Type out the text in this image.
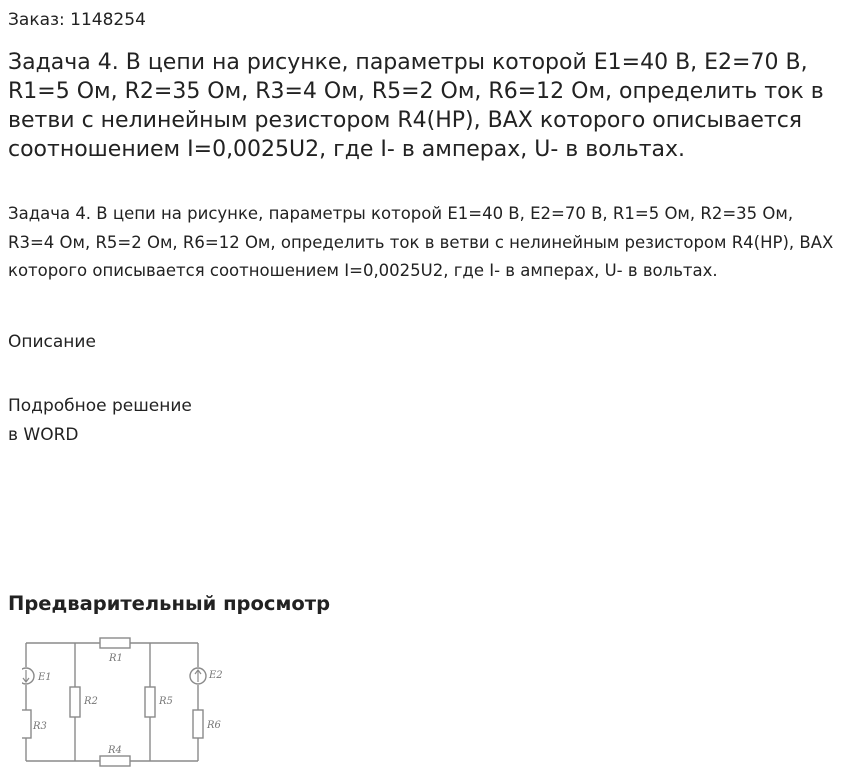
Заказ: 1148254
Задача 4. В цепи на рисунке, параметры которой E1=40 В, E2=70 В, R1=5 Ом, R2=35 Ом, R3=4 Ом, R5=2 Ом, R6=12 Ом, определить ток в ветви с нелинейным резистором R4(НР), ВАХ которого описывается соотношением I=0,0025U2, где I- в амперах, U- в вольтах.

Задача 4. В цепи на рисунке, параметры которой E1=40 В, E2=70 В, R1=5 Ом, R2=35 Ом, R3=4 Ом, R5=2 Ом, R6=12 Ом, определить ток в ветви с нелинейным резистором R4(НР), ВАХ которого описывается соотношением I=0,0025U2, где I- в амперах, U- в вольтах.

Описание
Подробное решение
в WORD
Предварительный просмотр
R1
R2
R3
R4
R5
R6
E1	E2
